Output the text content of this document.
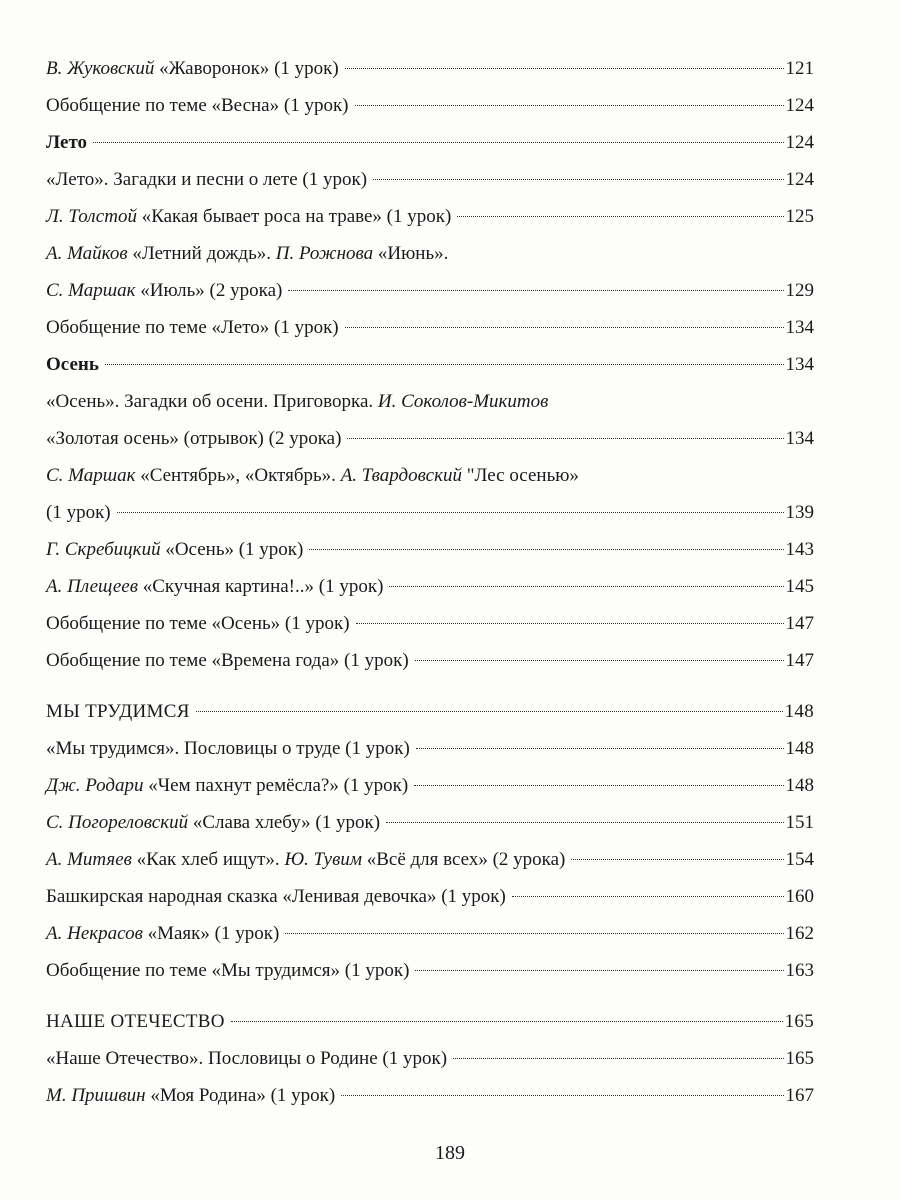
В. Жуковский «Жаворонок» (1 урок)	121
Обобщение по теме «Весна» (1 урок)	124
Лето	124
«Лето». Загадки и песни о лете (1 урок)	124
Л. Толстой «Какая бывает роса на траве» (1 урок)	125
А. Майков «Летний дождь». П. Рожнова «Июнь».
С. Маршак «Июль» (2 урока)	129
Обобщение по теме «Лето» (1 урок)	134
Осень	134
«Осень». Загадки об осени. Приговорка. И. Соколов-Микитов
«Золотая осень» (отрывок) (2 урока)	134
С. Маршак «Сентябрь», «Октябрь». А. Твардовский "Лес осенью»
(1 урок)	139
Г. Скребицкий «Осень» (1 урок)	143
А. Плещеев «Скучная картина!..» (1 урок)	145
Обобщение по теме «Осень» (1 урок)	147
Обобщение по теме «Времена года» (1 урок)	147
МЫ ТРУДИМСЯ	148
«Мы трудимся». Пословицы о труде (1 урок)	148
Дж. Родари «Чем пахнут ремёсла?» (1 урок)	148
С. Погореловский «Слава хлебу» (1 урок)	151
А. Митяев «Как хлеб ищут». Ю. Тувим «Всё для всех» (2 урока)	154
Башкирская народная сказка «Ленивая девочка» (1 урок)	160
А. Некрасов «Маяк» (1 урок)	162
Обобщение по теме «Мы трудимся» (1 урок)	163
НАШЕ ОТЕЧЕСТВО	165
«Наше Отечество». Пословицы о Родине (1 урок)	165
М. Пришвин «Моя Родина» (1 урок)	167
189
